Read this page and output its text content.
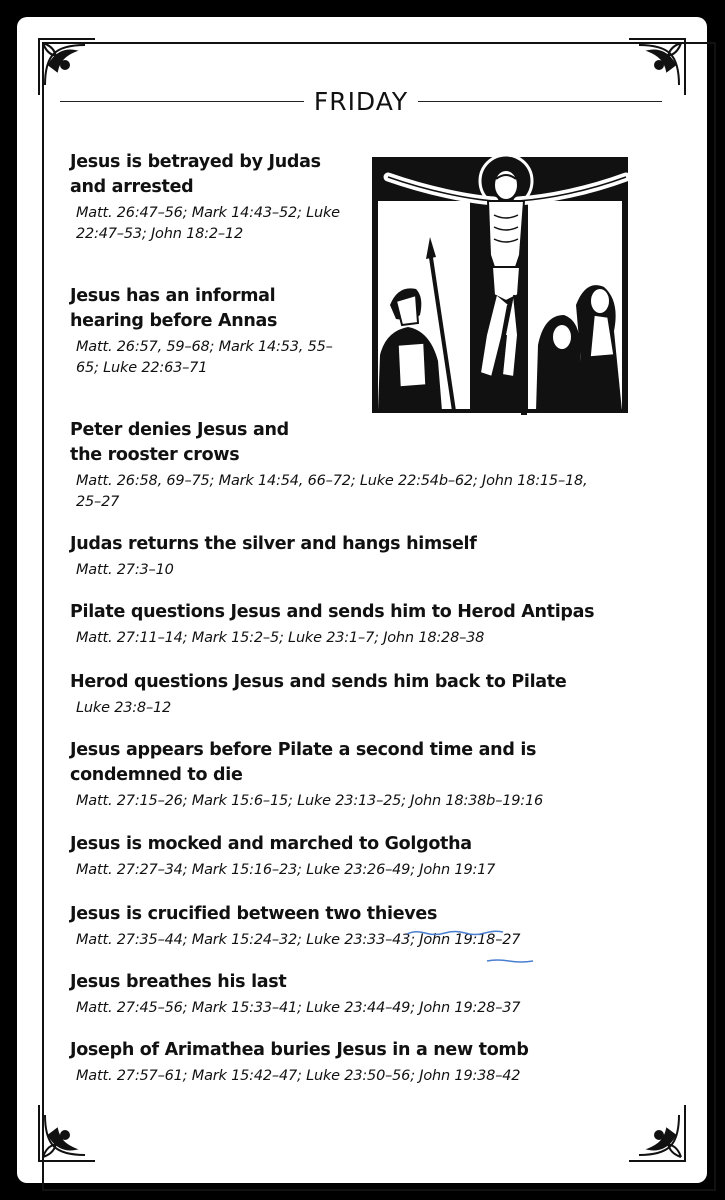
FRIDAY

Jesus is betrayed by Judas and arrested

Matt. 26:47–56; Mark 14:43–52; Luke 22:47–53; John 18:2–12

Jesus has an informal hearing before Annas

Matt. 26:57, 59–68; Mark 14:53, 55–65; Luke 22:63–71

Peter denies Jesus and the rooster crows

Matt. 26:58, 69–75; Mark 14:54, 66–72; Luke 22:54b–62; John 18:15–18, 25–27

Judas returns the silver and hangs himself

Matt. 27:3–10

Pilate questions Jesus and sends him to Herod Antipas

Matt. 27:11–14; Mark 15:2–5; Luke 23:1–7; John 18:28–38

Herod questions Jesus and sends him back to Pilate

Luke 23:8–12

Jesus appears before Pilate a second time and is condemned to die

Matt. 27:15–26; Mark 15:6–15; Luke 23:13–25; John 18:38b–19:16

Jesus is mocked and marched to Golgotha

Matt. 27:27–34; Mark 15:16–23; Luke 23:26–49; John 19:17

Jesus is crucified between two thieves

Matt. 27:35–44; Mark 15:24–32; Luke 23:33–43; John 19:18–27

Jesus breathes his last

Matt. 27:45–56; Mark 15:33–41; Luke 23:44–49; John 19:28–37

Joseph of Arimathea buries Jesus in a new tomb

Matt. 27:57–61; Mark 15:42–47; Luke 23:50–56; John 19:38–42
